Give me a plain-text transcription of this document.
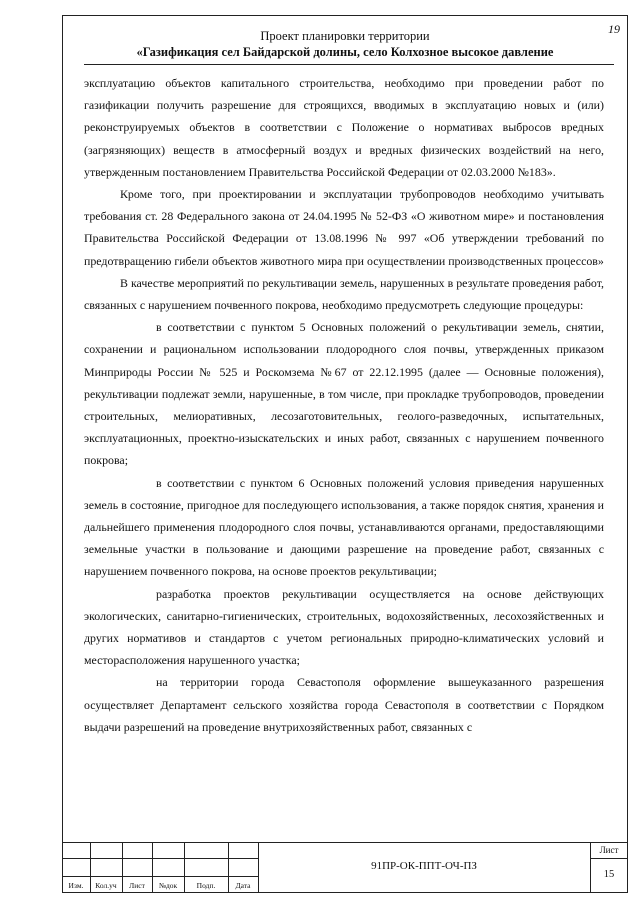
19
Проект планировки территории
«Газификация сел Байдарской долины, село Колхозное высокое давление

эксплуатацию объектов капитального строительства, необходимо при проведении работ по газификации получить разрешение для строящихся, вводимых в эксплуатацию новых и (или) реконструируемых объектов в соответствии с Положение о нормативах выбросов вредных (загрязняющих) веществ в атмосферный воздух и вредных физических воздействий на него, утвержденным постановлением Правительства Российской Федерации от 02.03.2000 №183».

Кроме того, при проектировании и эксплуатации трубопроводов необходимо учитывать требования ст. 28 Федерального закона от 24.04.1995 № 52-ФЗ «О животном мире» и постановления Правительства Российской Федерации от 13.08.1996 № 997 «Об утверждении требований по предотвращению гибели объектов животного мира при осуществлении производственных процессов»

В качестве мероприятий по рекультивации земель, нарушенных в результате проведения работ, связанных с нарушением почвенного покрова, необходимо предусмотреть следующие процедуры:

в соответствии с пунктом 5 Основных положений о рекультивации земель, снятии, сохранении и рациональном использовании плодородного слоя почвы, утвержденных приказом Минприроды России № 525 и Роскомзема №67 от 22.12.1995 (далее — Основные положения), рекультивации подлежат земли, нарушенные, в том числе, при прокладке трубопроводов, проведении строительных, мелиоративных, лесозаготовительных, геолого-разведочных, испытательных, эксплуатационных, проектно-изыскательских и иных работ, связанных с нарушением почвенного покрова;

в соответствии с пунктом 6 Основных положений условия приведения нарушенных земель в состояние, пригодное для последующего использования, а также порядок снятия, хранения и дальнейшего применения плодородного слоя почвы, устанавливаются органами, предоставляющими земельные участки в пользование и дающими разрешение на проведение работ, связанных с нарушением почвенного покрова, на основе проектов рекультивации;

разработка проектов рекультивации осуществляется на основе действующих экологических, санитарно-гигиенических, строительных, водохозяйственных, лесохозяйственных и других нормативов и стандартов с учетом региональных природно-климатических условий и месторасположения нарушенного участка;

на территории города Севастополя оформление вышеуказанного разрешения осуществляет Департамент сельского хозяйства города Севастополя в соответствии с Порядком выдачи разрешений на проведение внутрихозяйственных работ, связанных с

Изм.	Кол.уч	Лист	№док	Подп.	Дата
91ПР-ОК-ППТ-ОЧ-ПЗ
Лист
15
